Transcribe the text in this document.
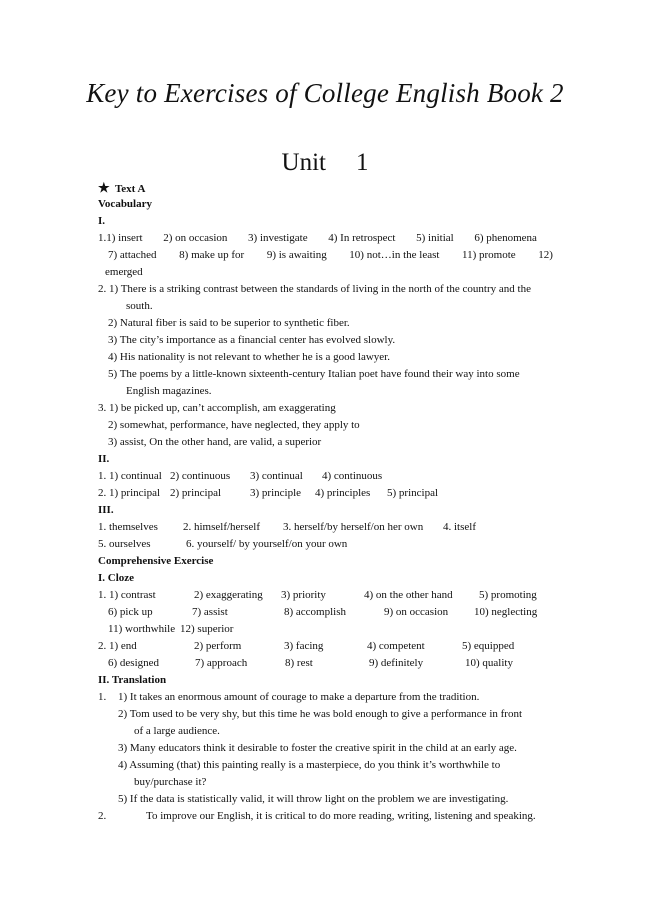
Key to Exercises of College English Book 2
Unit 1
★ Text A
Vocabulary
I.
1.1) insert 2) on occasion 3) investigate 4) In retrospect 5) initial 6) phenomena
7) attached 8) make up for 9) is awaiting 10) not…in the least 11) promote 12)
emerged
2. 1) There is a striking contrast between the standards of living in the north of the country and the
south.
2) Natural fiber is said to be superior to synthetic fiber.
3) The city’s importance as a financial center has evolved slowly.
4) His nationality is not relevant to whether he is a good lawyer.
5) The poems by a little-known sixteenth-century Italian poet have found their way into some
English magazines.
3. 1) be picked up, can’t accomplish, am exaggerating
2) somewhat, performance, have neglected, they apply to
3) assist, On the other hand, are valid, a superior
II.
1. 1) continual 2) continuous 3) continual 4) continuous
2. 1) principal 2) principal	3) principle 4) principles 5) principal
III.
1. themselves 2. himself/herself 3. herself/by herself/on her own 4. itself
5. ourselves	6. yourself/ by yourself/on your own
Comprehensive Exercise
I. Cloze
1. 1) contrast	2) exaggerating 3) priority	4) on the other hand 5) promoting
6) pick up	7) assist	8) accomplish	9) on occasion 10) neglecting
11) worthwhile 12) superior
2. 1) end	2) perform	3) facing	4) competent	5) equipped
6) designed	7) approach	8) rest	9) definitely	10) quality
II. Translation
1. 1) It takes an enormous amount of courage to make a departure from the tradition.
2) Tom used to be very shy, but this time he was bold enough to give a performance in front
of a large audience.
3) Many educators think it desirable to foster the creative spirit in the child at an early age.
4) Assuming (that) this painting really is a masterpiece, do you think it’s worthwhile to
buy/purchase it?
5) If the data is statistically valid, it will throw light on the problem we are investigating.
2.	To improve our English, it is critical to do more reading, writing, listening and speaking.
